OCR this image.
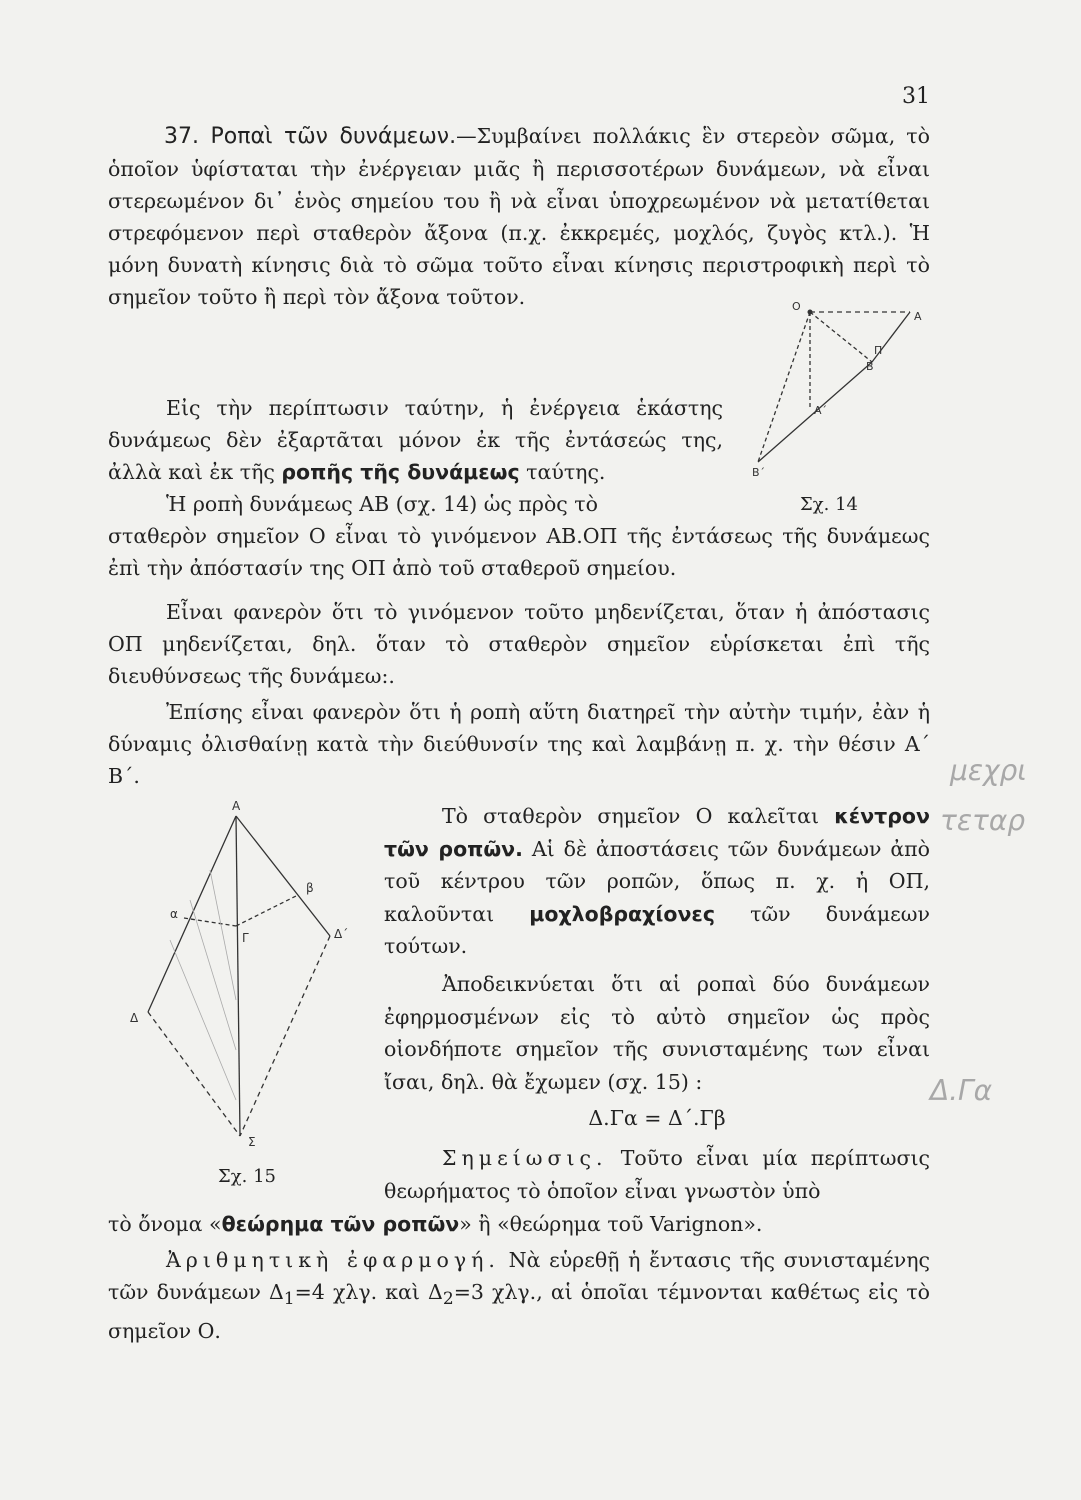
31

37. Ροπαὶ τῶν δυνάμεων.—Συμβαίνει πολλάκις ἓν στερεὸν σῶμα, τὸ ὁποῖον ὑφίσταται τὴν ἐνέργειαν μιᾶς ἢ περισσοτέρων δυνάμεων, νὰ εἶναι στερεωμένον δι᾽ ἑνὸς σημείου του ἢ νὰ εἶναι ὑποχρεωμένον νὰ μετατίθεται στρεφόμενον περὶ σταθερὸν ἄξονα (π.χ. ἐκκρεμές, μοχλός, ζυγὸς κτλ.). Ἡ μόνη δυνατὴ κίνησις διὰ τὸ σῶμα τοῦτο εἶναι κίνησις περιστροφικὴ περὶ τὸ σημεῖον τοῦτο ἢ περὶ τὸν ἄξονα τοῦτον.

Εἰς τὴν περίπτωσιν ταύτην, ἡ ἐνέργεια ἑκάστης δυνάμεως δὲν ἐξαρτᾶται μόνον ἐκ τῆς ἐντάσεώς της, ἀλλὰ καὶ ἐκ τῆς ροπῆς τῆς δυνάμεως ταύτης.

Ἡ ροπὴ δυνάμεως ΑΒ (σχ. 14) ὡς πρὸς τὸ

σταθερὸν σημεῖον Ο εἶναι τὸ γινόμενον ΑΒ.ΟΠ τῆς ἐντάσεως τῆς δυνάμεως ἐπὶ τὴν ἀπόστασίν της ΟΠ ἀπὸ τοῦ σταθεροῦ σημείου.

Εἶναι φανερὸν ὅτι τὸ γινόμενον τοῦτο μηδενίζεται, ὅταν ἡ ἀπόστασις ΟΠ μηδενίζεται, δηλ. ὅταν τὸ σταθερὸν σημεῖον εὑρίσκεται ἐπὶ τῆς διευθύνσεως τῆς δυνάμεω:.

Ἐπίσης εἶναι φανερὸν ὅτι ἡ ροπὴ αὕτη διατηρεῖ τὴν αὐτὴν τιμήν, ἐὰν ἡ δύναμις ὀλισθαίνῃ κατὰ τὴν διεύθυνσίν της καὶ λαμβάνῃ π. χ. τὴν θέσιν Α΄ Β΄.

Τὸ σταθερὸν σημεῖον Ο καλεῖται κέντρον τῶν ροπῶν. Αἱ δὲ ἀποστάσεις τῶν δυνάμεων ἀπὸ τοῦ κέντρου τῶν ροπῶν, ὅπως π. χ. ἡ ΟΠ, καλοῦνται μοχλοβραχίονες τῶν δυνάμεων τούτων.

Ἀποδεικνύεται ὅτι αἱ ροπαὶ δύο δυνάμεων ἐφηρμοσμένων εἰς τὸ αὐτὸ σημεῖον ὡς πρὸς οἱονδήποτε σημεῖον τῆς συνισταμένης των εἶναι ἴσαι, δηλ. θὰ ἔχωμεν (σχ. 15) :

Δ.Γα = Δ΄.Γβ

Σημείωσις. Τοῦτο εἶναι μία περίπτωσις θεωρήματος τὸ ὁποῖον εἶναι γνωστὸν ὑπὸ

τὸ ὄνομα «θεώρημα τῶν ροπῶν» ἢ «θεώρημα τοῦ Varignon».

Ἀριθμητικὴ ἐφαρμογή. Νὰ εὑρεθῇ ἡ ἔντασις τῆς συνισταμένης τῶν δυνάμεων $\Delta_1=4$ χλγ. καὶ $\Delta_2=3$ χλγ., αἱ ὁποῖαι τέμνονται καθέτως εἰς τὸ σημεῖον Ο.

Ο
Α
Π
Β
Α΄
Β΄
Σχ. 14
Α
α
β
Γ
Δ
Δ΄
Σ
Σχ. 15
μεχρι
τεταρ
Δ.Γα
